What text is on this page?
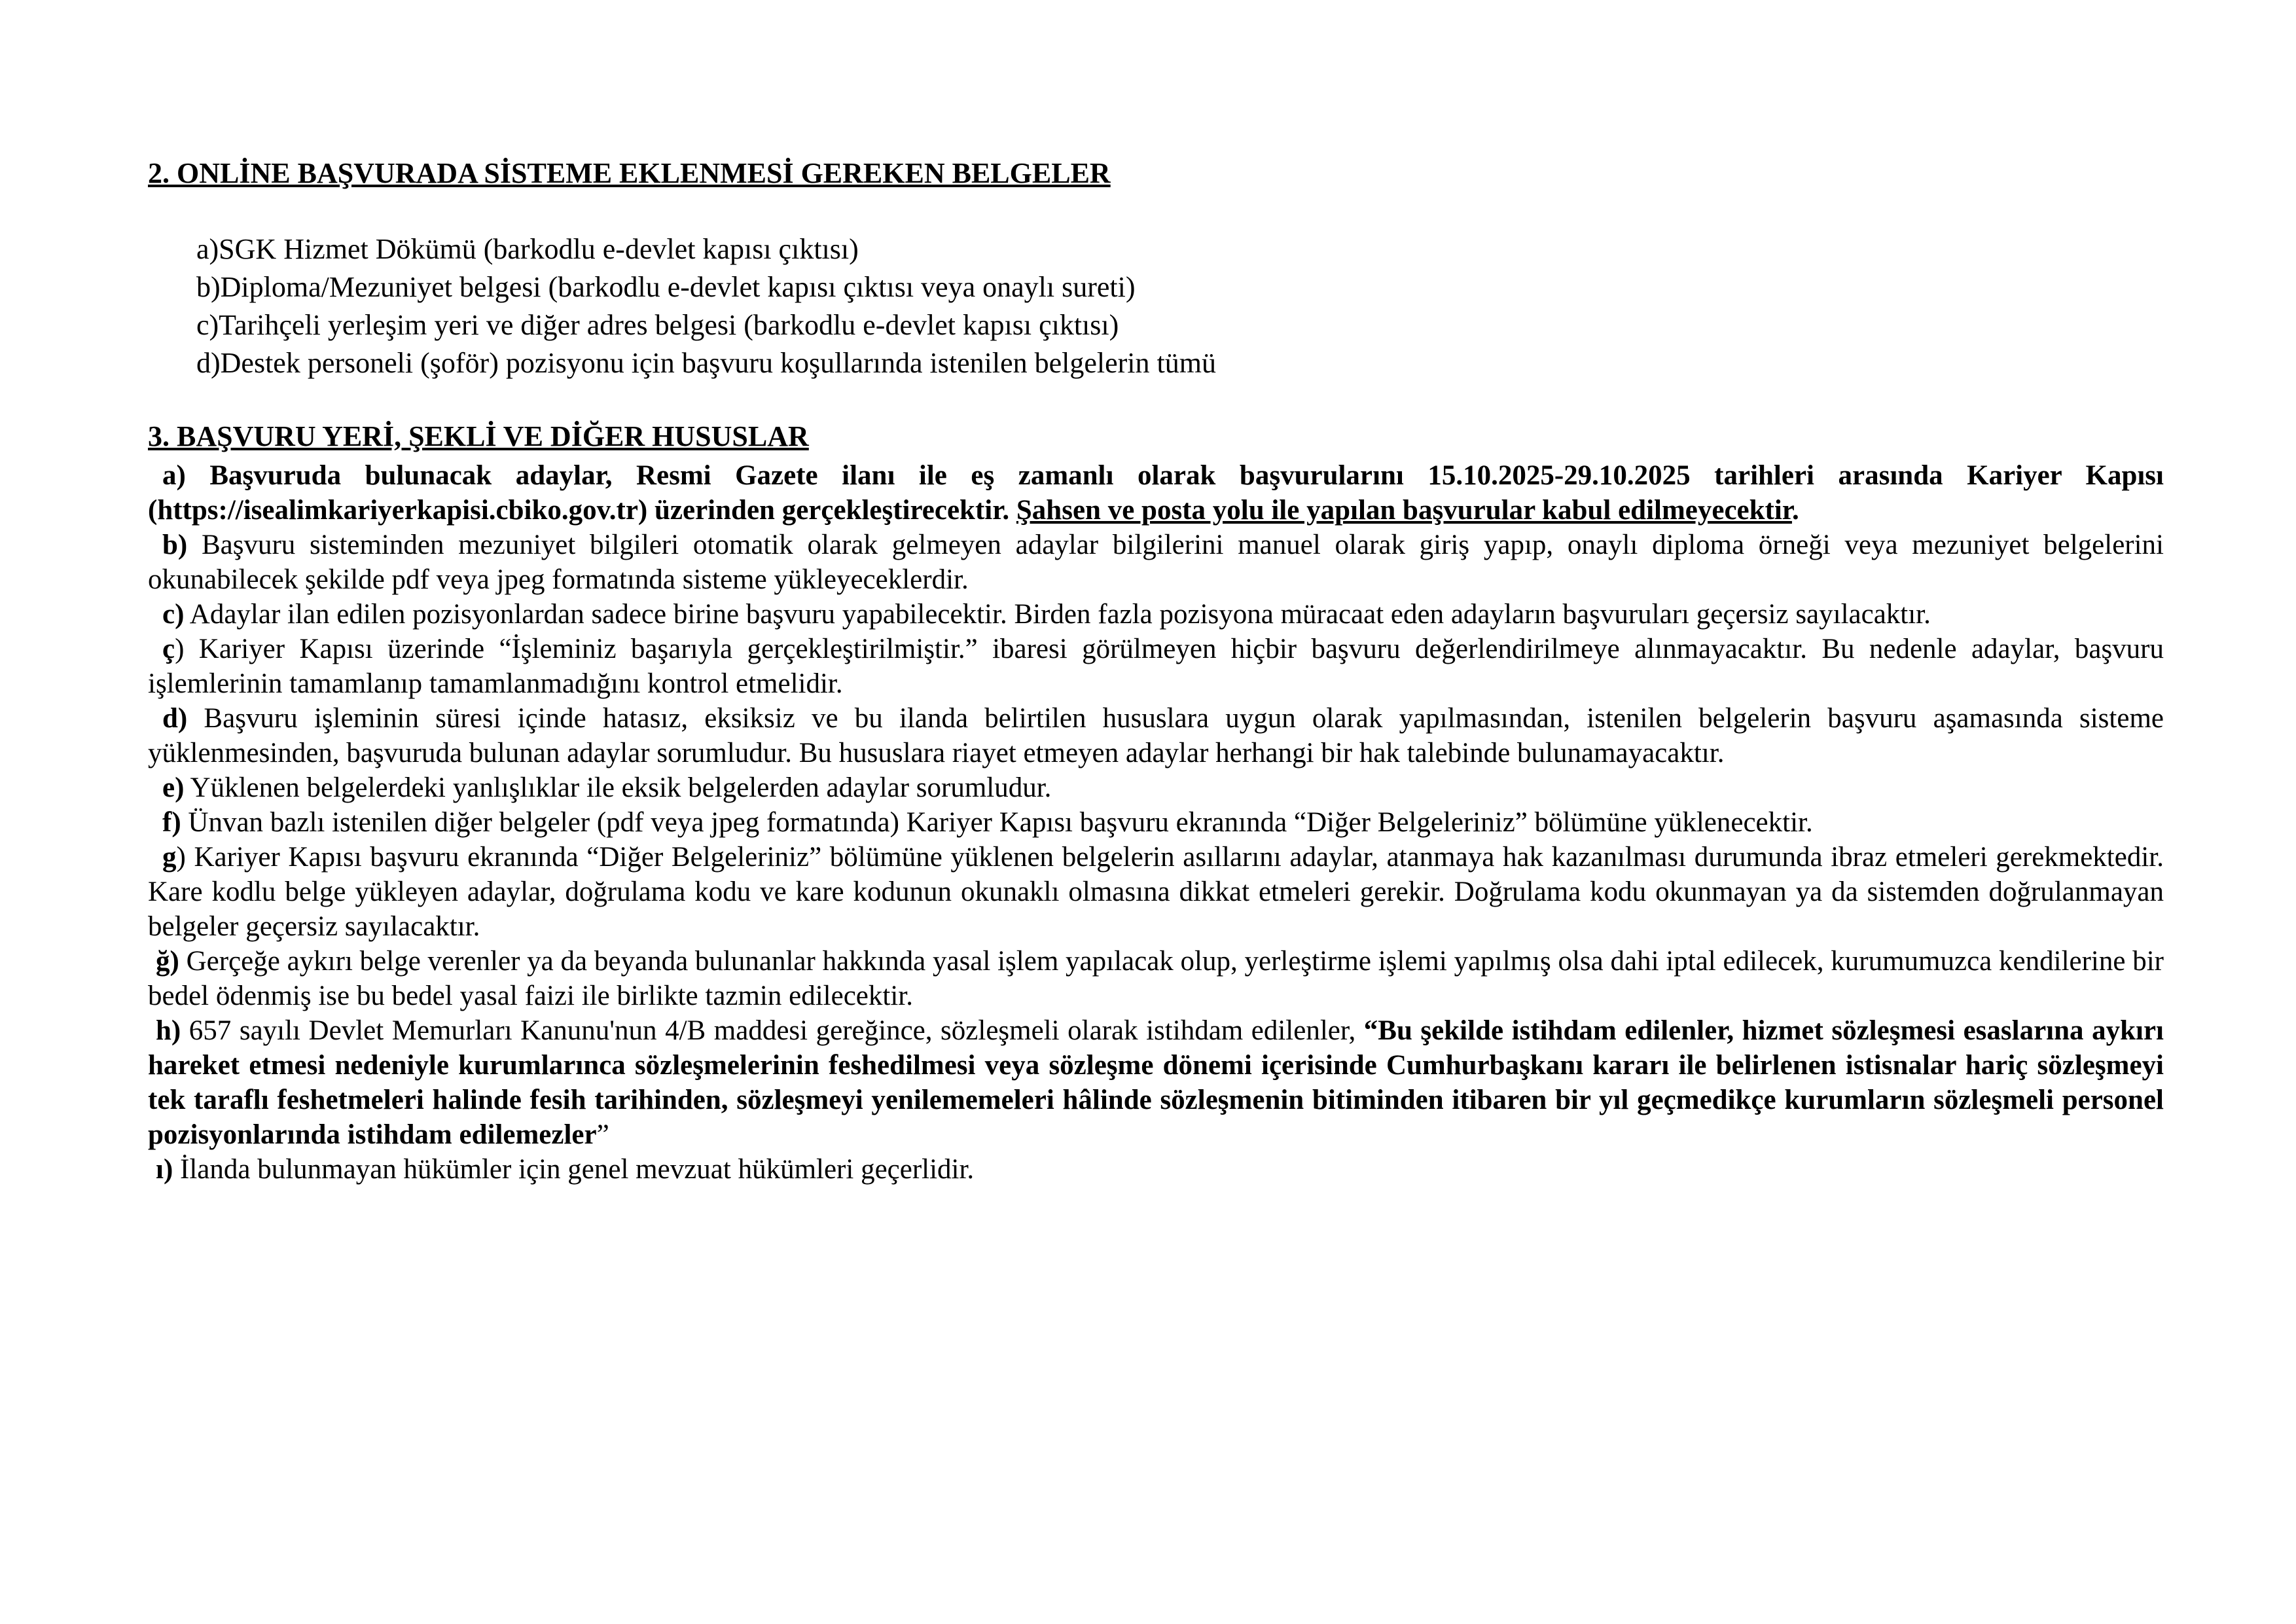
2. ONLİNE BAŞVURADA SİSTEME EKLENMESİ GEREKEN BELGELER
a)SGK Hizmet Dökümü (barkodlu e-devlet kapısı çıktısı)
b)Diploma/Mezuniyet belgesi (barkodlu e-devlet kapısı çıktısı veya onaylı sureti)
c)Tarihçeli yerleşim yeri ve diğer adres belgesi (barkodlu e-devlet kapısı çıktısı)
d)Destek personeli (şoför) pozisyonu için başvuru koşullarında istenilen belgelerin tümü
3. BAŞVURU YERİ, ŞEKLİ VE DİĞER HUSUSLAR

a) Başvuruda bulunacak adaylar, Resmi Gazete ilanı ile eş zamanlı olarak başvurularını 15.10.2025-29.10.2025 tarihleri arasında Kariyer Kapısı (https://isealimkariyerkapisi.cbiko.gov.tr) üzerinden gerçekleştirecektir. Şahsen ve posta yolu ile yapılan başvurular kabul edilmeyecektir.

b) Başvuru sisteminden mezuniyet bilgileri otomatik olarak gelmeyen adaylar bilgilerini manuel olarak giriş yapıp, onaylı diploma örneği veya mezuniyet belgelerini okunabilecek şekilde pdf veya jpeg formatında sisteme yükleyeceklerdir.

c) Adaylar ilan edilen pozisyonlardan sadece birine başvuru yapabilecektir. Birden fazla pozisyona müracaat eden adayların başvuruları geçersiz sayılacaktır.

ç) Kariyer Kapısı üzerinde “İşleminiz başarıyla gerçekleştirilmiştir.” ibaresi görülmeyen hiçbir başvuru değerlendirilmeye alınmayacaktır. Bu nedenle adaylar, başvuru işlemlerinin tamamlanıp tamamlanmadığını kontrol etmelidir.

d) Başvuru işleminin süresi içinde hatasız, eksiksiz ve bu ilanda belirtilen hususlara uygun olarak yapılmasından, istenilen belgelerin başvuru aşamasında sisteme yüklenmesinden, başvuruda bulunan adaylar sorumludur. Bu hususlara riayet etmeyen adaylar herhangi bir hak talebinde bulunamayacaktır.

e) Yüklenen belgelerdeki yanlışlıklar ile eksik belgelerden adaylar sorumludur.

f) Ünvan bazlı istenilen diğer belgeler (pdf veya jpeg formatında) Kariyer Kapısı başvuru ekranında “Diğer Belgeleriniz” bölümüne yüklenecektir.

g) Kariyer Kapısı başvuru ekranında “Diğer Belgeleriniz” bölümüne yüklenen belgelerin asıllarını adaylar, atanmaya hak kazanılması durumunda ibraz etmeleri gerekmektedir. Kare kodlu belge yükleyen adaylar, doğrulama kodu ve kare kodunun okunaklı olmasına dikkat etmeleri gerekir. Doğrulama kodu okunmayan ya da sistemden doğrulanmayan belgeler geçersiz sayılacaktır.

ğ) Gerçeğe aykırı belge verenler ya da beyanda bulunanlar hakkında yasal işlem yapılacak olup, yerleştirme işlemi yapılmış olsa dahi iptal edilecek, kurumumuzca kendilerine bir bedel ödenmiş ise bu bedel yasal faizi ile birlikte tazmin edilecektir.

h) 657 sayılı Devlet Memurları Kanunu'nun 4/B maddesi gereğince, sözleşmeli olarak istihdam edilenler, “Bu şekilde istihdam edilenler, hizmet sözleşmesi esaslarına aykırı hareket etmesi nedeniyle kurumlarınca sözleşmelerinin feshedilmesi veya sözleşme dönemi içerisinde Cumhurbaşkanı kararı ile belirlenen istisnalar hariç sözleşmeyi tek taraflı feshetmeleri halinde fesih tarihinden, sözleşmeyi yenilememeleri hâlinde sözleşmenin bitiminden itibaren bir yıl geçmedikçe kurumların sözleşmeli personel pozisyonlarında istihdam edilemezler”

ı) İlanda bulunmayan hükümler için genel mevzuat hükümleri geçerlidir.
